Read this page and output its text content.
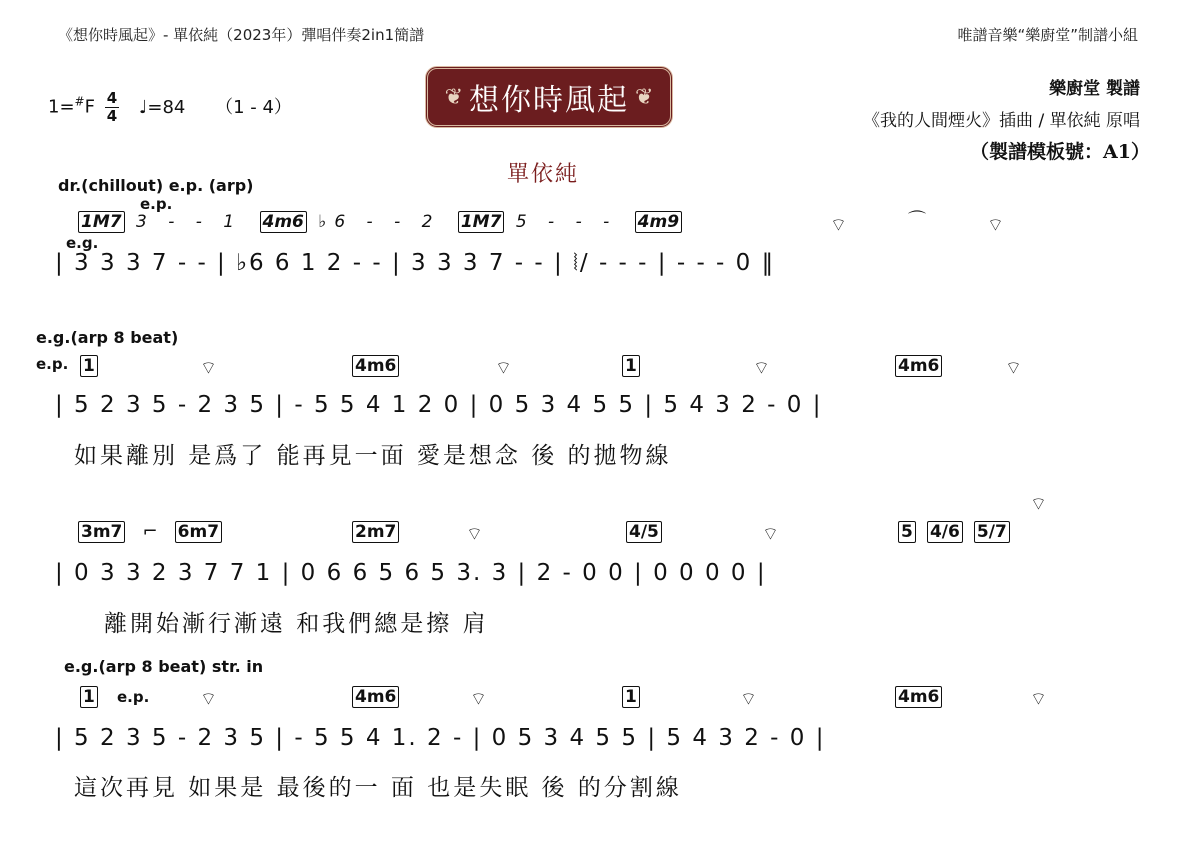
《想你時風起》- 單依純（2023年）彈唱伴奏2in1簡譜	唯譜音樂“樂廚堂”制譜小組
$1=^{\#}F \frac{4}{4}$ ♩=84 （1 - 4）	❦ 想你時風起 ❦
單依純
樂廚堂 製譜
《我的人間煙火》插曲 / 單依純 原唱
（製譜模板號：A1）
dr.(chillout) e.p. (arp)
e.p.
1M7 3 - - 1 4m6 ♭6 - - 2 1M7 5 - - - 4m9	⌔	⌒	⌔
e.g.
| 3 3 3 7 - - | ♭6 6 1 2 - - | 3 3 3 7 - - | ⦚/ - - - | - - - 0 ‖
e.g.(arp 8 beat)
e.p. 1	4m6	1	4m6
⌔	⌔	⌔	⌔
| 5 2 3 5 - 2 3 5 | - 5 5 4 1 2 0 | 0 5 3 4 5 5 | 5 4 3 2 - 0 |
如果離別 是爲了 能再見一面 愛是想念 後 的拋物線
3m7 ⌐ 6m7	2m7	4/5	5 4/6 5/7
⌔	⌔
⌔
| 0 3 3 2 3 7 7 1 | 0 6 6 5 6 5 3. 3 | 2 - 0 0 | 0 0 0 0 |
離開始漸行漸遠 和我們總是擦 肩
e.g.(arp 8 beat) str. in
1 e.p.	4m6	1	4m6
⌔	⌔	⌔	⌔
| 5 2 3 5 - 2 3 5 | - 5 5 4 1. 2 - | 0 5 3 4 5 5 | 5 4 3 2 - 0 |
這次再見 如果是 最後的一 面 也是失眠 後 的分割線
